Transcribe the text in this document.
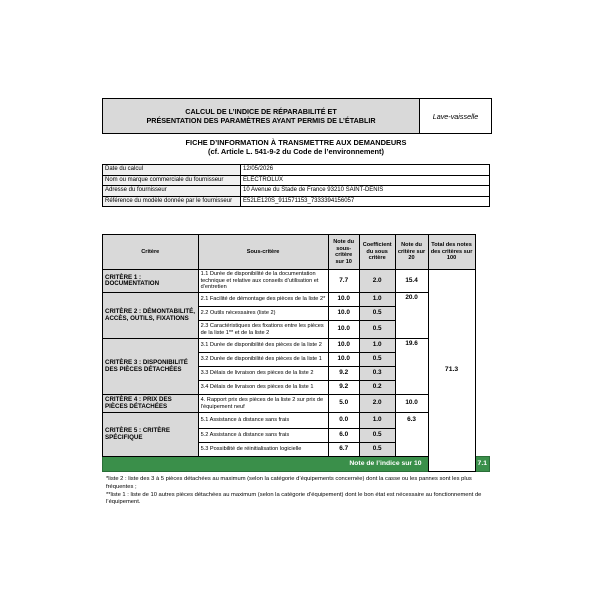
CALCUL DE L’INDICE DE RÉPARABILITÉ ET
PRÉSENTATION DES PARAMÈTRES AYANT PERMIS DE L’ÉTABLIR	Lave-vaisselle
FICHE D’INFORMATION À TRANSMETTRE AUX DEMANDEURS
(cf. Article L. 541-9-2 du Code de l’environnement)
Date du calcul	12/05/2026
Nom ou marque commerciale du fournisseur	ELECTROLUX
Adresse du fournisseur	10 Avenue du Stade de France 93210 SAINT-DENIS
Référence du modèle donnée par le fournisseur	E52LE120S_911571153_7333394156057
Critère	Sous-critère	Note du sous-critère sur 10	Coefficient du sous critère	Note du critère sur 20	Total des notes des critères sur 100	
CRITÈRE 1 : DOCUMENTATION	1.1 Durée de disponibilité de la documentation technique et relative aux conseils d’utilisation et d’entretien	7.7	2.0	15.4	71.3	
CRITÈRE 2 : DÉMONTABILITÉ, ACCÈS, OUTILS, FIXATIONS	2.1 Facilité de démontage des pièces de la liste 2*	10.0	1.0	20.0		
	2.2 Outils nécessaires (liste 2)	10.0	0.5			
	2.3 Caractéristiques des fixations entre les pièces de la liste 1** et de la liste 2	10.0	0.5			
CRITÈRE 3 : DISPONIBILITÉ DES PIÈCES DÉTACHÉES	3.1 Durée de disponibilité des pièces de la liste 2	10.0	1.0	19.6		
	3.2 Durée de disponibilité des pièces de la liste 1	10.0	0.5			
	3.3 Délais de livraison des pièces de la liste 2	9.2	0.3			
	3.4 Délais de livraison des pièces de la liste 1	9.2	0.2			
CRITÈRE 4 : PRIX DES PIÈCES DÉTACHÉES	4. Rapport prix des pièces de la liste 2 sur prix de l’équipement neuf	5.0	2.0	10.0		
CRITÈRE 5 : CRITÈRE SPÉCIFIQUE	5.1 Assistance à distance sans frais	0.0	1.0	6.3		
	5.2 Assistance à distance sans frais	6.0	0.5			
	5.3 Possibilité de réinitialisation logicielle	6.7	0.5			
Note de l’indice sur 10						7.1
*liste 2 : liste des 3 à 5 pièces détachées au maximum (selon la catégorie d’équipements concernée) dont la casse ou les pannes sont les plus fréquentes ;
**liste 1 : liste de 10 autres pièces détachées au maximum (selon la catégorie d’équipement) dont le bon état est nécessaire au fonctionnement de l’équipement.
